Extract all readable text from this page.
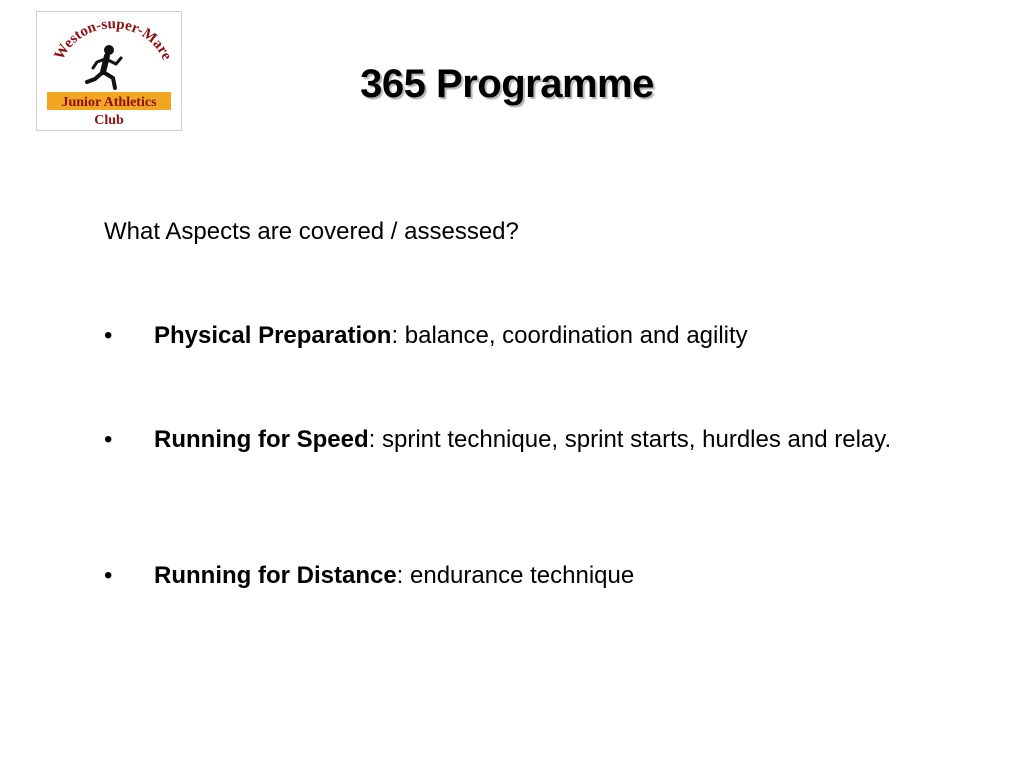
Weston-super-Mare
Junior Athletics
Club
365 Programme
What Aspects are covered / assessed?
• Physical Preparation: balance, coordination and agility
• Running for Speed: sprint technique, sprint starts, hurdles and relay.
• Running for Distance: endurance technique
